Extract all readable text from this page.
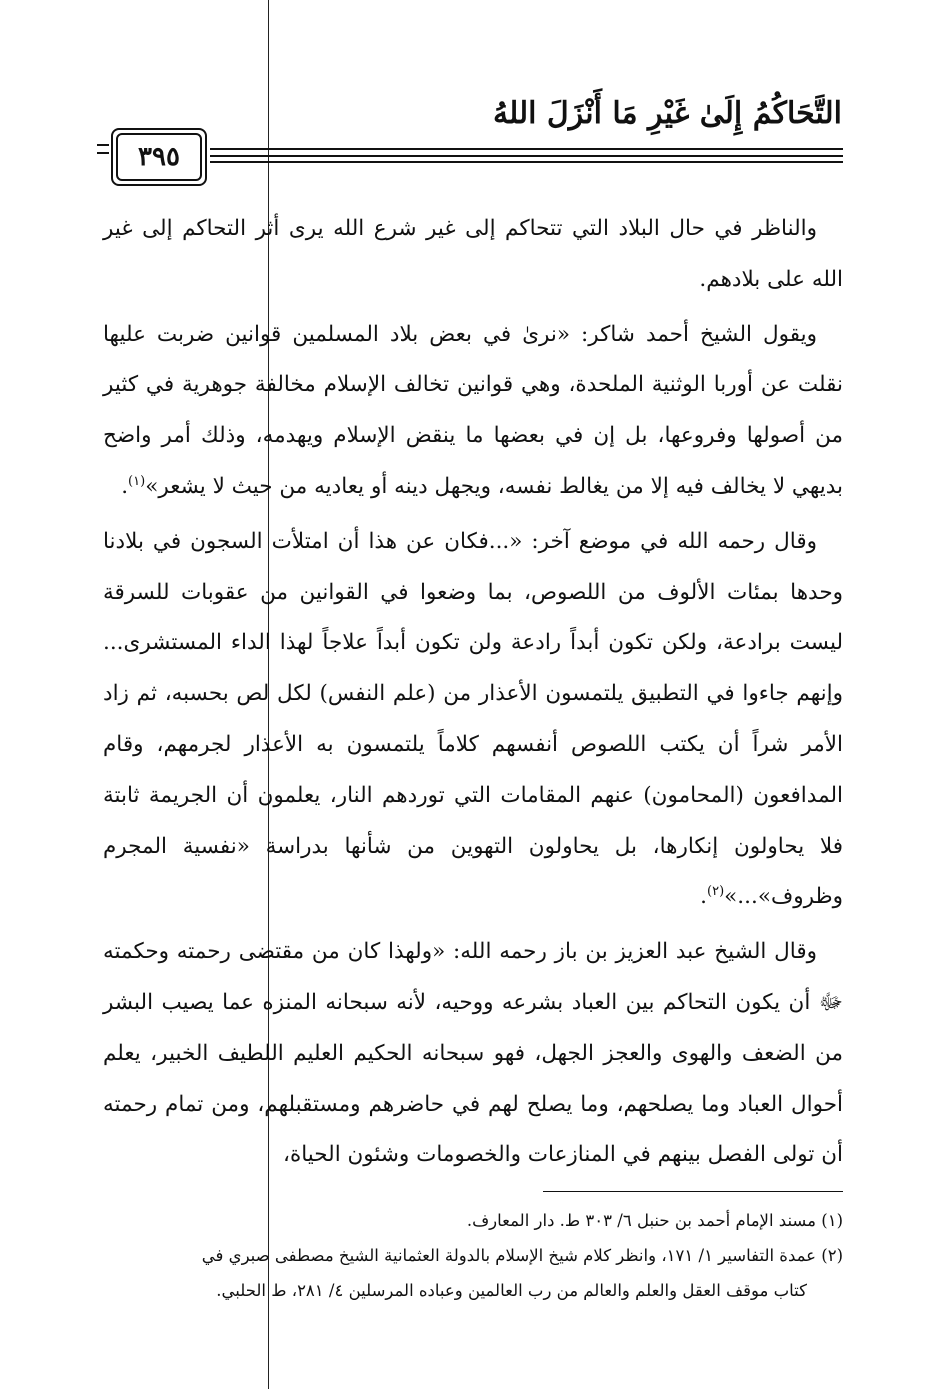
التَّحَاكُمُ إِلَىٰ غَيْرِ مَا أَنْزَلَ اللهُ
٣٩٥

والناظر في حال البلاد التي تتحاكم إلى غير شرع الله يرى أثر التحاكم إلى غير الله على بلادهم.

ويقول الشيخ أحمد شاكر: «نرىٰ في بعض بلاد المسلمين قوانين ضربت عليها نقلت عن أوربا الوثنية الملحدة، وهي قوانين تخالف الإسلام مخالفة جوهرية في كثير من أصولها وفروعها، بل إن في بعضها ما ينقض الإسلام ويهدمه، وذلك أمر واضح بديهي لا يخالف فيه إلا من يغالط نفسه، ويجهل دينه أو يعاديه من حيث لا يشعر»$^{(١)}$.

وقال رحمه الله في موضع آخر: «...فكان عن هذا أن امتلأت السجون في بلادنا وحدها بمئات الألوف من اللصوص، بما وضعوا في القوانين من عقوبات للسرقة ليست برادعة، ولكن تكون أبداً رادعة ولن تكون أبداً علاجاً لهذا الداء المستشرى... وإنهم جاءوا في التطبيق يلتمسون الأعذار من (علم النفس) لكل لص بحسبه، ثم زاد الأمر شراً أن يكتب اللصوص أنفسهم كلاماً يلتمسون به الأعذار لجرمهم، وقام المدافعون (المحامون) عنهم المقامات التي توردهم النار، يعلمون أن الجريمة ثابتة فلا يحاولون إنكارها، بل يحاولون التهوين من شأنها بدراسة «نفسية المجرم وظروف»...»$^{(٢)}$.

وقال الشيخ عبد العزيز بن باز رحمه الله: «ولهذا كان من مقتضى رحمته وحكمته ﷻ أن يكون التحاكم بين العباد بشرعه ووحيه، لأنه سبحانه المنزه عما يصيب البشر من الضعف والهوى والعجز الجهل، فهو سبحانه الحكيم العليم اللطيف الخبير، يعلم أحوال العباد وما يصلحهم، وما يصلح لهم في حاضرهم ومستقبلهم، ومن تمام رحمته أن تولى الفصل بينهم في المنازعات والخصومات وشئون الحياة،

(١) مسند الإمام أحمد بن حنبل ٦/ ٣٠٣ ط. دار المعارف.

(٢) عمدة التفاسير ١/ ١٧١، وانظر كلام شيخ الإسلام بالدولة العثمانية الشيخ مصطفى صبري في

كتاب موقف العقل والعلم والعالم من رب العالمين وعباده المرسلين ٤/ ٢٨١، ط الحلبي.
